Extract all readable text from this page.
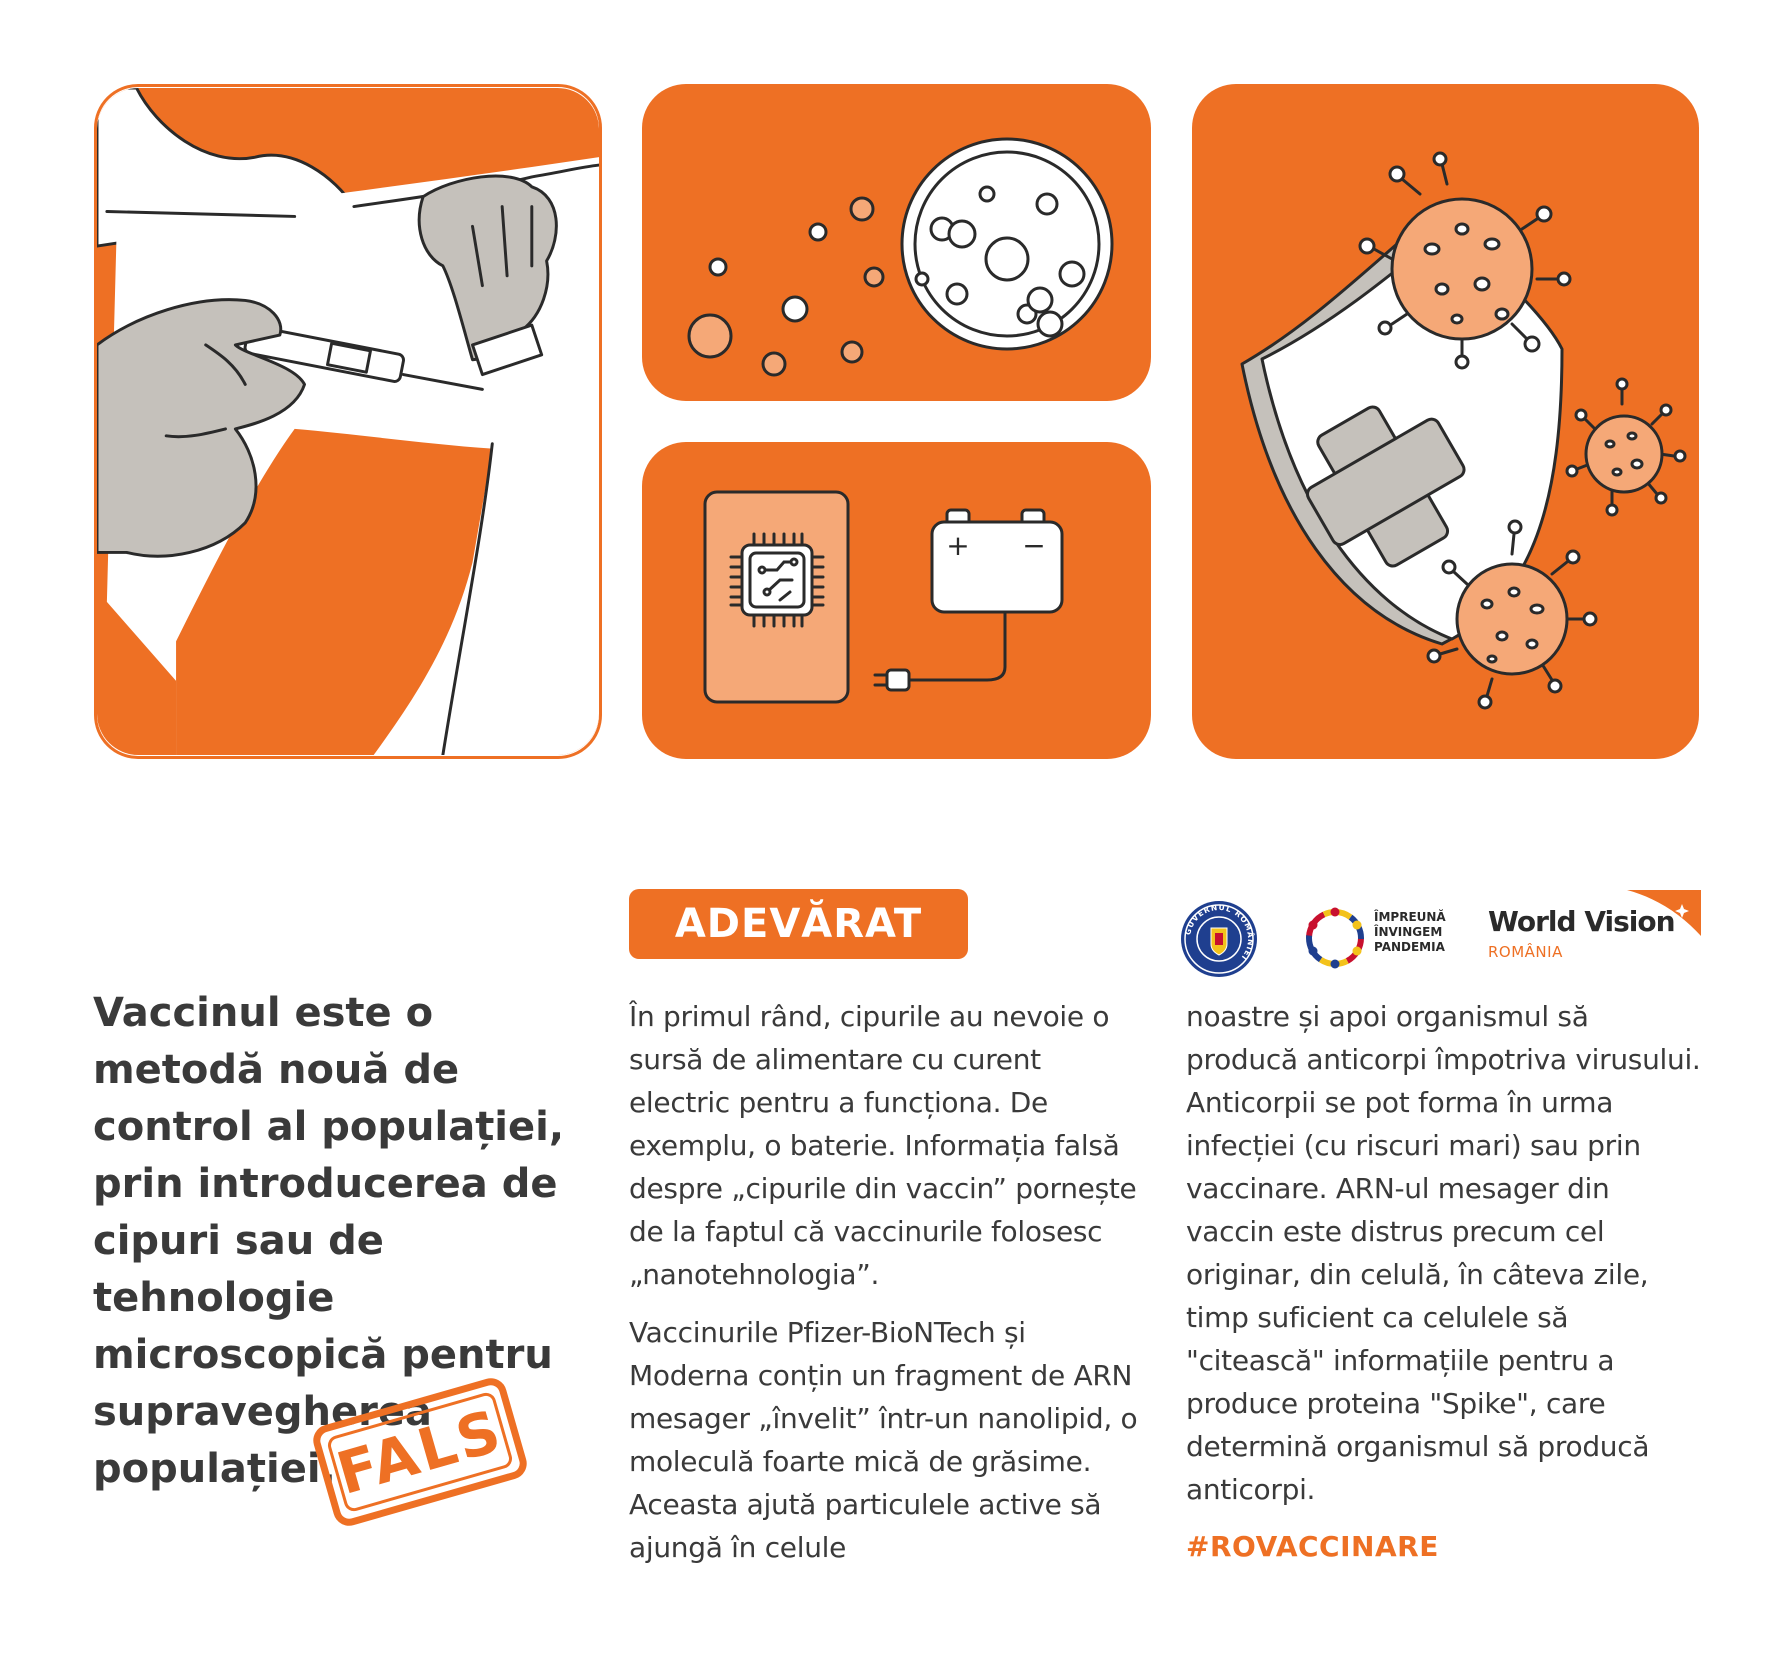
+ −

Vaccinul este o metodă nouă de control al populației, prin introducerea de cipuri sau de tehnologie microscopică pentru supravegherea populației.

FALS
ADEVĂRAT

În primul rând, cipurile au nevoie o sursă de alimentare cu curent electric pentru a funcționa. De exemplu, o baterie. Informația falsă despre „cipurile din vaccin” pornește de la faptul că vaccinurile folosesc „nanotehnologia”.

Vaccinurile Pfizer-BioNTech și Moderna conțin un fragment de ARN mesager „învelit” într-un nanolipid, o moleculă foarte mică de grăsime. Aceasta ajută particulele active să ajungă în celule

noastre și apoi organismul să producă anticorpi împotriva virusului. Anticorpii se pot forma în urma infecției (cu riscuri mari) sau prin vaccinare. ARN-ul mesager din vaccin este distrus precum cel originar, din celulă, în câteva zile, timp suficient ca celulele să "citească" informațiile pentru a produce proteina "Spike", care determină organismul să producă anticorpi.

#ROVACCINARE
GUVERNUL ROMÂNIEI
ÎMPREUNĂ
ÎNVINGEM
PANDEMIA
World Vision
ROMÂNIA
